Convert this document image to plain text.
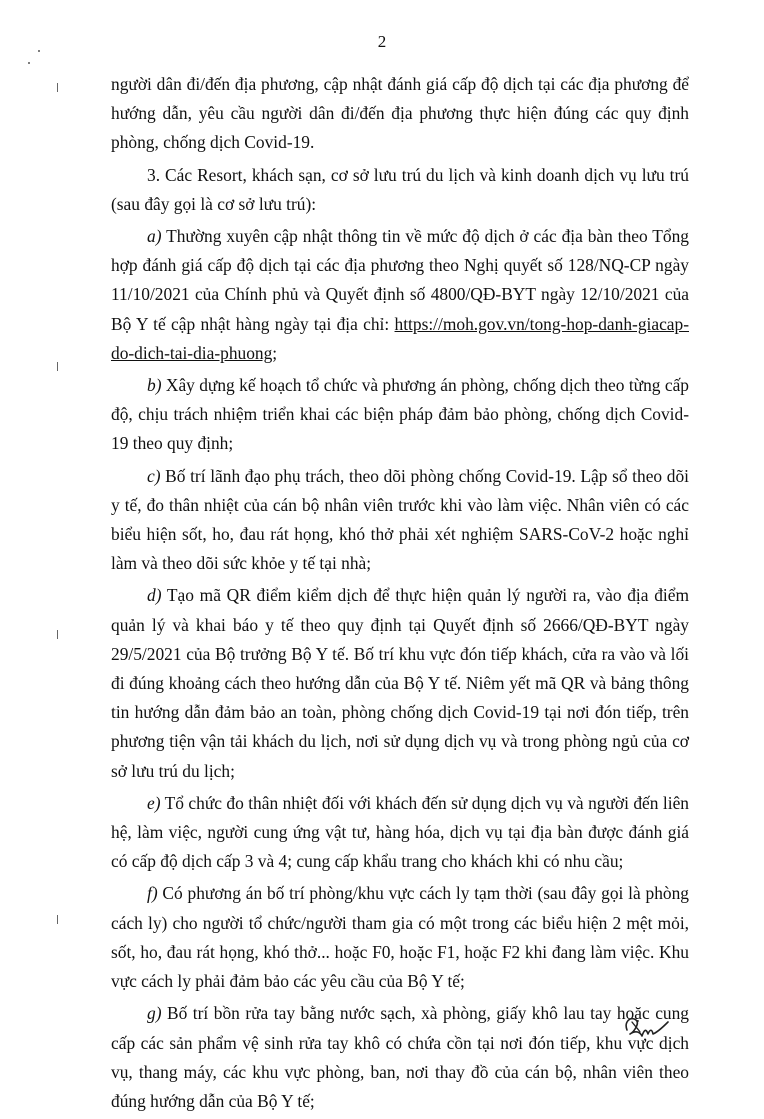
2

người dân đi/đến địa phương, cập nhật đánh giá cấp độ dịch tại các địa phương để hướng dẫn, yêu cầu người dân đi/đến địa phương thực hiện đúng các quy định phòng, chống dịch Covid-19.

3. Các Resort, khách sạn, cơ sở lưu trú du lịch và kinh doanh dịch vụ lưu trú (sau đây gọi là cơ sở lưu trú):

a) Thường xuyên cập nhật thông tin về mức độ dịch ở các địa bàn theo Tổng hợp đánh giá cấp độ dịch tại các địa phương theo Nghị quyết số 128/NQ-CP ngày 11/10/2021 của Chính phủ và Quyết định số 4800/QĐ-BYT ngày 12/10/2021 của Bộ Y tế cập nhật hàng ngày tại địa chỉ: https://moh.gov.vn/tong-hop-danh-giacap-do-dich-tai-dia-phuong;

b) Xây dựng kế hoạch tổ chức và phương án phòng, chống dịch theo từng cấp độ, chịu trách nhiệm triển khai các biện pháp đảm bảo phòng, chống dịch Covid-19 theo quy định;

c) Bố trí lãnh đạo phụ trách, theo dõi phòng chống Covid-19. Lập sổ theo dõi y tế, đo thân nhiệt của cán bộ nhân viên trước khi vào làm việc. Nhân viên có các biểu hiện sốt, ho, đau rát họng, khó thở phải xét nghiệm SARS-CoV-2 hoặc nghỉ làm và theo dõi sức khỏe y tế tại nhà;

d) Tạo mã QR điểm kiểm dịch để thực hiện quản lý người ra, vào địa điểm quản lý và khai báo y tế theo quy định tại Quyết định số 2666/QĐ-BYT ngày 29/5/2021 của Bộ trưởng Bộ Y tế. Bố trí khu vực đón tiếp khách, cửa ra vào và lối đi đúng khoảng cách theo hướng dẫn của Bộ Y tế. Niêm yết mã QR và bảng thông tin hướng dẫn đảm bảo an toàn, phòng chống dịch Covid-19 tại nơi đón tiếp, trên phương tiện vận tải khách du lịch, nơi sử dụng dịch vụ và trong phòng ngủ của cơ sở lưu trú du lịch;

e) Tổ chức đo thân nhiệt đối với khách đến sử dụng dịch vụ và người đến liên hệ, làm việc, người cung ứng vật tư, hàng hóa, dịch vụ tại địa bàn được đánh giá có cấp độ dịch cấp 3 và 4; cung cấp khẩu trang cho khách khi có nhu cầu;

f) Có phương án bố trí phòng/khu vực cách ly tạm thời (sau đây gọi là phòng cách ly) cho người tổ chức/người tham gia có một trong các biểu hiện 2 mệt mỏi, sốt, ho, đau rát họng, khó thở... hoặc F0, hoặc F1, hoặc F2 khi đang làm việc. Khu vực cách ly phải đảm bảo các yêu cầu của Bộ Y tế;

g) Bố trí bồn rửa tay bằng nước sạch, xà phòng, giấy khô lau tay hoặc cung cấp các sản phẩm vệ sinh rửa tay khô có chứa cồn tại nơi đón tiếp, khu vực dịch vụ, thang máy, các khu vực phòng, ban, nơi thay đồ của cán bộ, nhân viên theo đúng hướng dẫn của Bộ Y tế;
